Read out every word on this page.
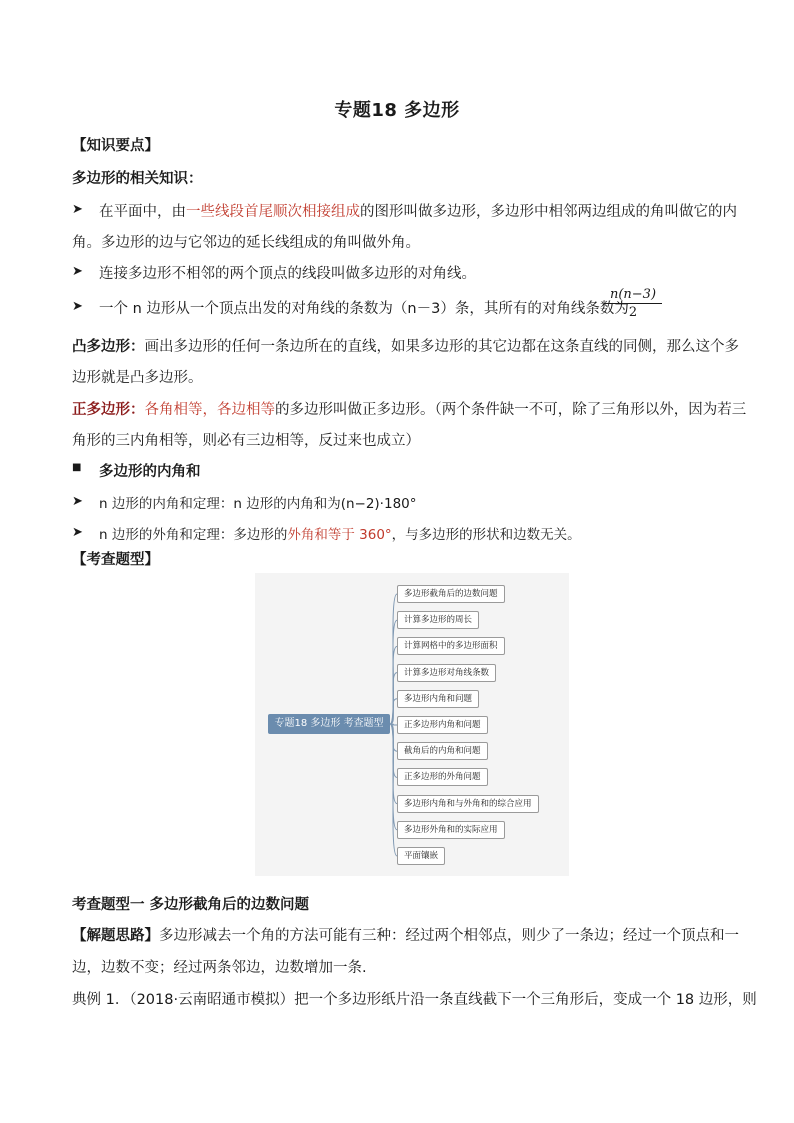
专题18 多边形
【知识要点】
多边形的相关知识：
➤ 在平面中，由一些线段首尾顺次相接组成的图形叫做多边形，多边形中相邻两边组成的角叫做它的内
角。多边形的边与它邻边的延长线组成的角叫做外角。
➤ 连接多边形不相邻的两个顶点的线段叫做多边形的对角线。
➤ 一个 n 边形从一个顶点出发的对角线的条数为（n－3）条，其所有的对角线条数为
$\frac{n(n-3)}{2}$
凸多边形：画出多边形的任何一条边所在的直线，如果多边形的其它边都在这条直线的同侧，那么这个多
边形就是凸多边形。
正多边形：各角相等，各边相等的多边形叫做正多边形。（两个条件缺一不可，除了三角形以外，因为若三
角形的三内角相等，则必有三边相等，反过来也成立）
■ 多边形的内角和
➤ n 边形的内角和定理：n 边形的内角和为(n−2)·180°
➤ n 边形的外角和定理：多边形的外角和等于 360°，与多边形的形状和边数无关。
【考查题型】
专题18 多边形 考查题型
多边形截角后的边数问题
计算多边形的周长
计算网格中的多边形面积
计算多边形对角线条数
多边形内角和问题
正多边形内角和问题
截角后的内角和问题
正多边形的外角问题
多边形内角和与外角和的综合应用
多边形外角和的实际应用
平面镶嵌
考查题型一 多边形截角后的边数问题
【解题思路】多边形减去一个角的方法可能有三种：经过两个相邻点，则少了一条边；经过一个顶点和一
边，边数不变；经过两条邻边，边数增加一条.
典例 1．（2018·云南昭通市模拟）把一个多边形纸片沿一条直线截下一个三角形后，变成一个 18 边形，则
